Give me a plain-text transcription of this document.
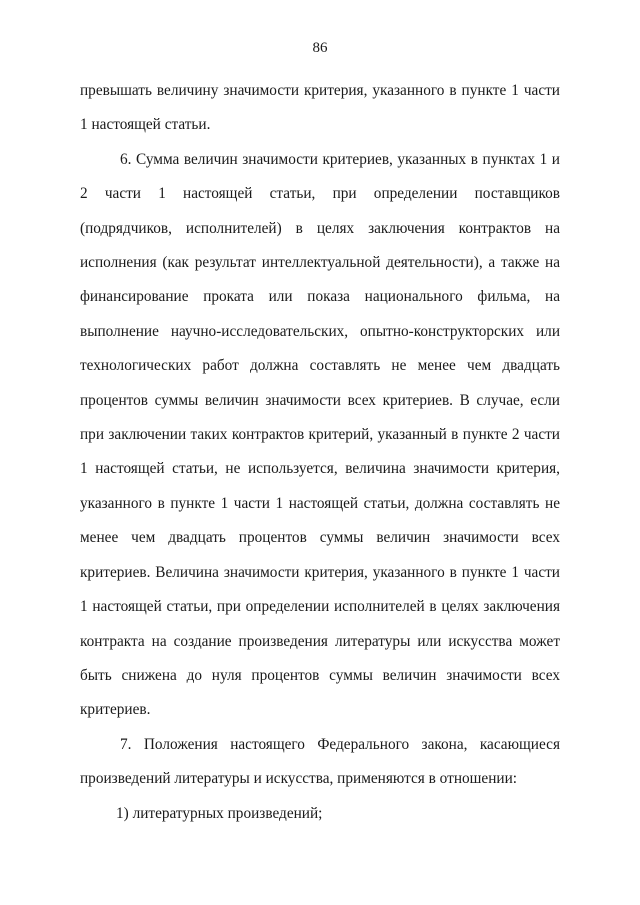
86

превышать величину значимости критерия, указанного в пункте 1 части 1 настоящей статьи.

6. Сумма величин значимости критериев, указанных в пунктах 1 и 2 части 1 настоящей статьи, при определении поставщиков (подрядчиков, исполнителей) в целях заключения контрактов на исполнения (как результат интеллектуальной деятельности), а также на финансирование проката или показа национального фильма, на выполнение научно-исследовательских, опытно-конструкторских или технологических работ должна составлять не менее чем двадцать процентов суммы величин значимости всех критериев. В случае, если при заключении таких контрактов критерий, указанный в пункте 2 части 1 настоящей статьи, не используется, величина значимости критерия, указанного в пункте 1 части 1 настоящей статьи, должна составлять не менее чем двадцать процентов суммы величин значимости всех критериев. Величина значимости критерия, указанного в пункте 1 части 1 настоящей статьи, при определении исполнителей в целях заключения контракта на создание произведения литературы или искусства может быть снижена до нуля процентов суммы величин значимости всех критериев.

7. Положения настоящего Федерального закона, касающиеся произведений литературы и искусства, применяются в отношении:

1) литературных произведений;
